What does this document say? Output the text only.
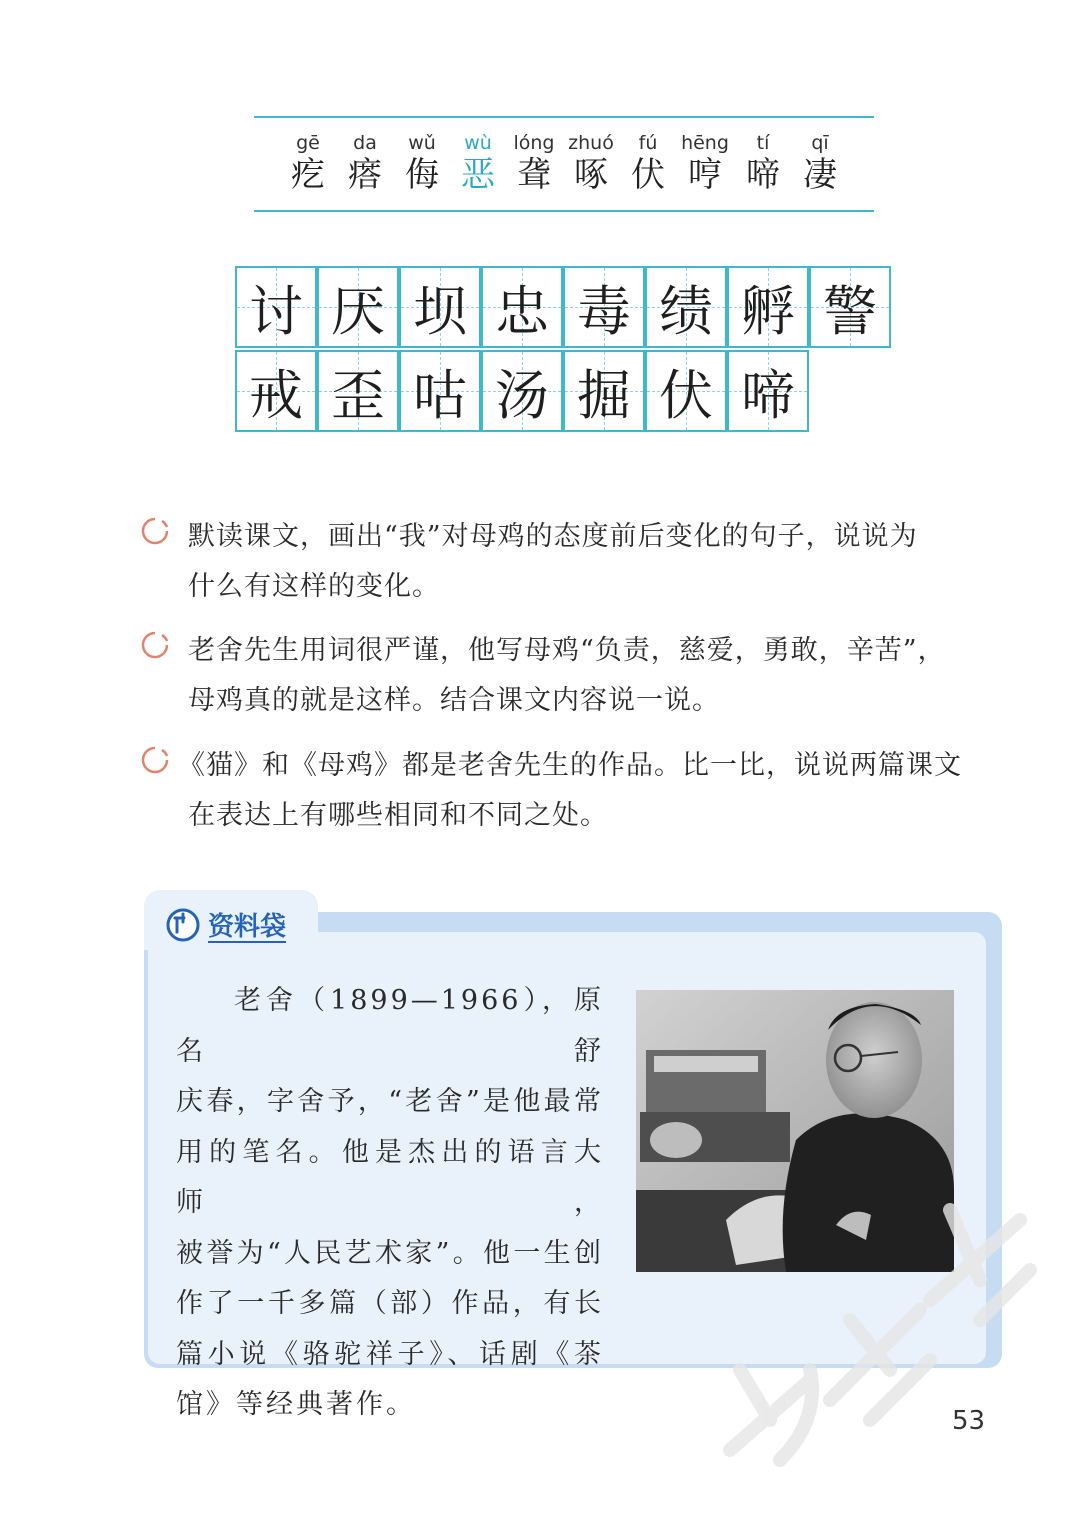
gē
疙
da
瘩
wǔ
侮
wù
恶
lóng
聋
zhuó
啄
fú
伏
hēng
哼
tí
啼
qī
凄
讨 厌 坝 忠 毒 绩 孵 警
戒 歪 咕 汤 掘 伏 啼
默读课文，画出“我”对母鸡的态度前后变化的句子，说说为
什么有这样的变化。
老舍先生用词很严谨，他写母鸡“负责，慈爱，勇敢，辛苦”，
母鸡真的就是这样。结合课文内容说一说。
《猫》和《母鸡》都是老舍先生的作品。比一比，说说两篇课文
在表达上有哪些相同和不同之处。
资料袋

老舍（1899—1966），原名舒

庆春，字舍予，“老舍”是他最常

用的笔名。他是杰出的语言大师，

被誉为“人民艺术家”。他一生创

作了一千多篇（部）作品，有长

篇小说《骆驼祥子》、话剧《茶

馆》等经典著作。

53
